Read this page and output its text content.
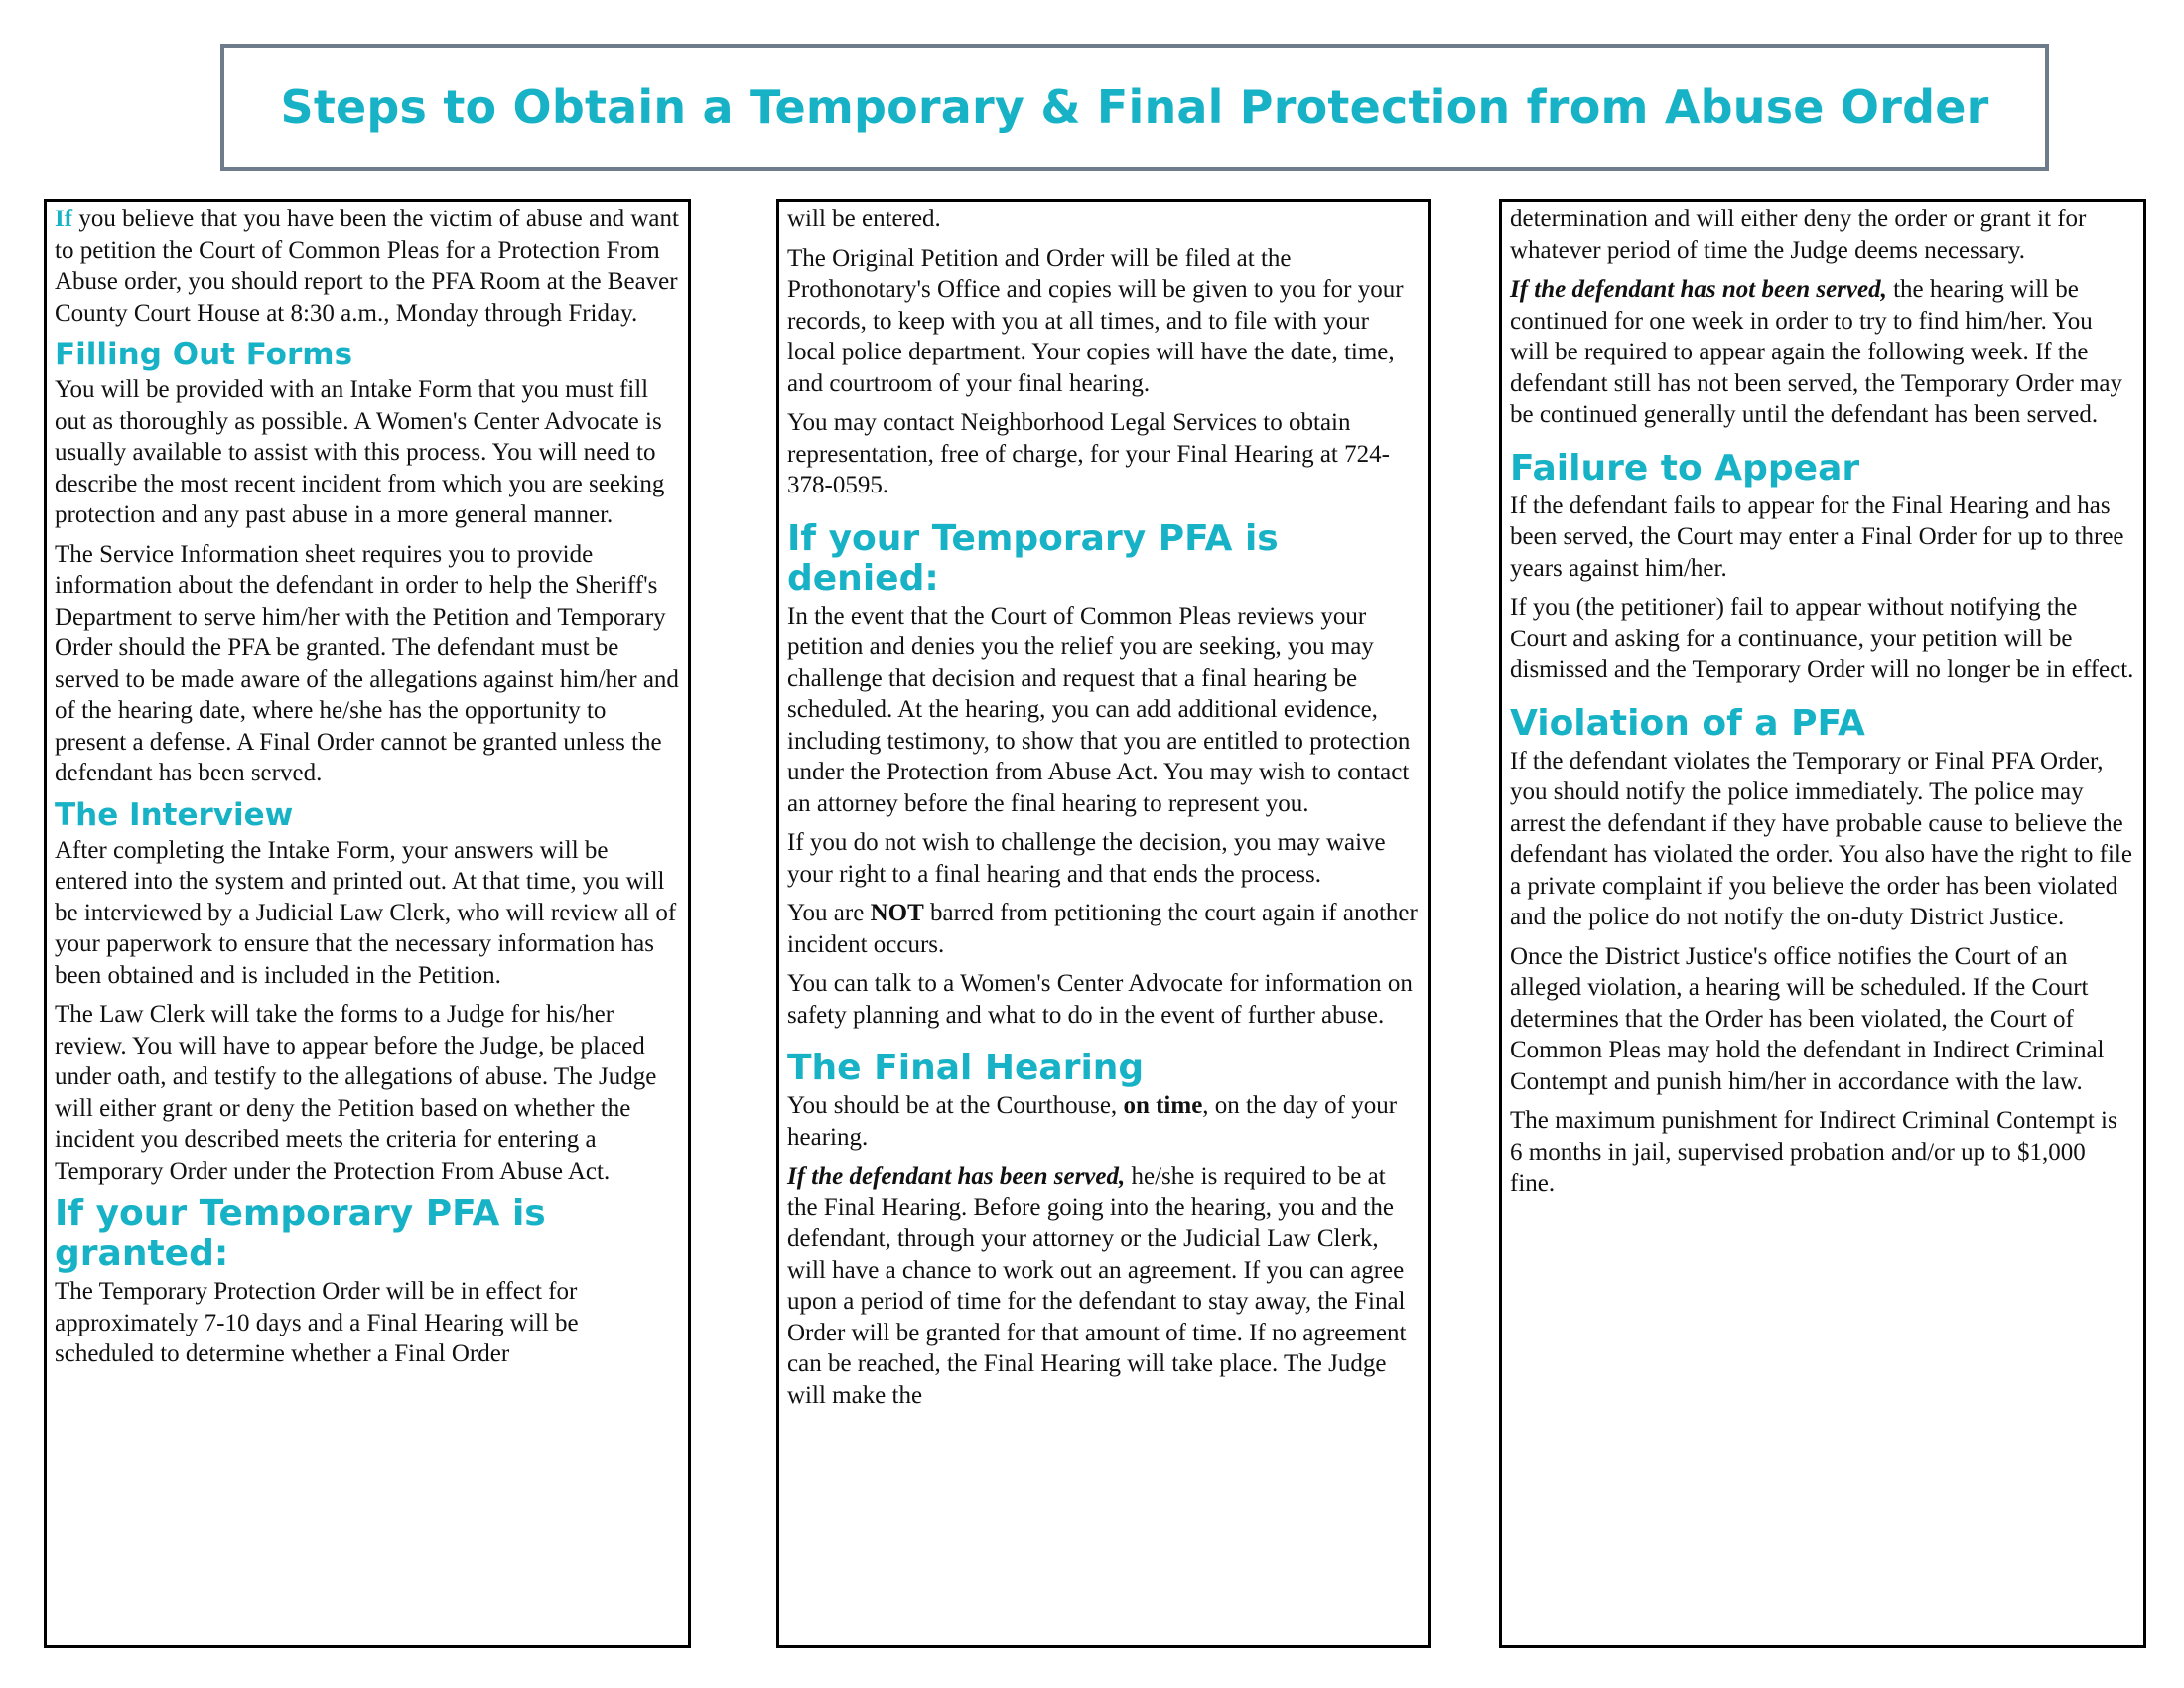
Steps to Obtain a Temporary & Final Protection from Abuse Order

If you believe that you have been the victim of abuse and want to petition the Court of Common Pleas for a Protection From Abuse order, you should report to the PFA Room at the Beaver County Court House at 8:30 a.m., Monday through Friday.

Filling Out Forms

You will be provided with an Intake Form that you must fill out as thoroughly as possible. A Women's Center Advocate is usually available to assist with this process. You will need to describe the most recent incident from which you are seeking protection and any past abuse in a more general manner.

The Service Information sheet requires you to provide information about the defendant in order to help the Sheriff's Department to serve him/her with the Petition and Temporary Order should the PFA be granted. The defendant must be served to be made aware of the allegations against him/her and of the hearing date, where he/she has the opportunity to present a defense. A Final Order cannot be granted unless the defendant has been served.

The Interview

After completing the Intake Form, your answers will be entered into the system and printed out. At that time, you will be interviewed by a Judicial Law Clerk, who will review all of your paperwork to ensure that the necessary information has been obtained and is included in the Petition.

The Law Clerk will take the forms to a Judge for his/her review. You will have to appear before the Judge, be placed under oath, and testify to the allegations of abuse. The Judge will either grant or deny the Petition based on whether the incident you described meets the criteria for entering a Temporary Order under the Protection From Abuse Act.

If your Temporary PFA is granted:

The Temporary Protection Order will be in effect for approximately 7-10 days and a Final Hearing will be scheduled to determine whether a Final Order

will be entered.

The Original Petition and Order will be filed at the Prothonotary's Office and copies will be given to you for your records, to keep with you at all times, and to file with your local police department. Your copies will have the date, time, and courtroom of your final hearing.

You may contact Neighborhood Legal Services to obtain representation, free of charge, for your Final Hearing at 724-378-0595.

If your Temporary PFA is denied:

In the event that the Court of Common Pleas reviews your petition and denies you the relief you are seeking, you may challenge that decision and request that a final hearing be scheduled. At the hearing, you can add additional evidence, including testimony, to show that you are entitled to protection under the Protection from Abuse Act. You may wish to contact an attorney before the final hearing to represent you.

If you do not wish to challenge the decision, you may waive your right to a final hearing and that ends the process.

You are NOT barred from petitioning the court again if another incident occurs.

You can talk to a Women's Center Advocate for information on safety planning and what to do in the event of further abuse.

The Final Hearing

You should be at the Courthouse, on time, on the day of your hearing.

If the defendant has been served, he/she is required to be at the Final Hearing. Before going into the hearing, you and the defendant, through your attorney or the Judicial Law Clerk, will have a chance to work out an agreement. If you can agree upon a period of time for the defendant to stay away, the Final Order will be granted for that amount of time. If no agreement can be reached, the Final Hearing will take place. The Judge will make the

determination and will either deny the order or grant it for whatever period of time the Judge deems necessary.

If the defendant has not been served, the hearing will be continued for one week in order to try to find him/her. You will be required to appear again the following week. If the defendant still has not been served, the Temporary Order may be continued generally until the defendant has been served.

Failure to Appear

If the defendant fails to appear for the Final Hearing and has been served, the Court may enter a Final Order for up to three years against him/her.

If you (the petitioner) fail to appear without notifying the Court and asking for a continuance, your petition will be dismissed and the Temporary Order will no longer be in effect.

Violation of a PFA

If the defendant violates the Temporary or Final PFA Order, you should notify the police immediately. The police may arrest the defendant if they have probable cause to believe the defendant has violated the order. You also have the right to file a private complaint if you believe the order has been violated and the police do not notify the on-duty District Justice.

Once the District Justice's office notifies the Court of an alleged violation, a hearing will be scheduled. If the Court determines that the Order has been violated, the Court of Common Pleas may hold the defendant in Indirect Criminal Contempt and punish him/her in accordance with the law.

The maximum punishment for Indirect Criminal Contempt is 6 months in jail, supervised probation and/or up to $1,000 fine.
